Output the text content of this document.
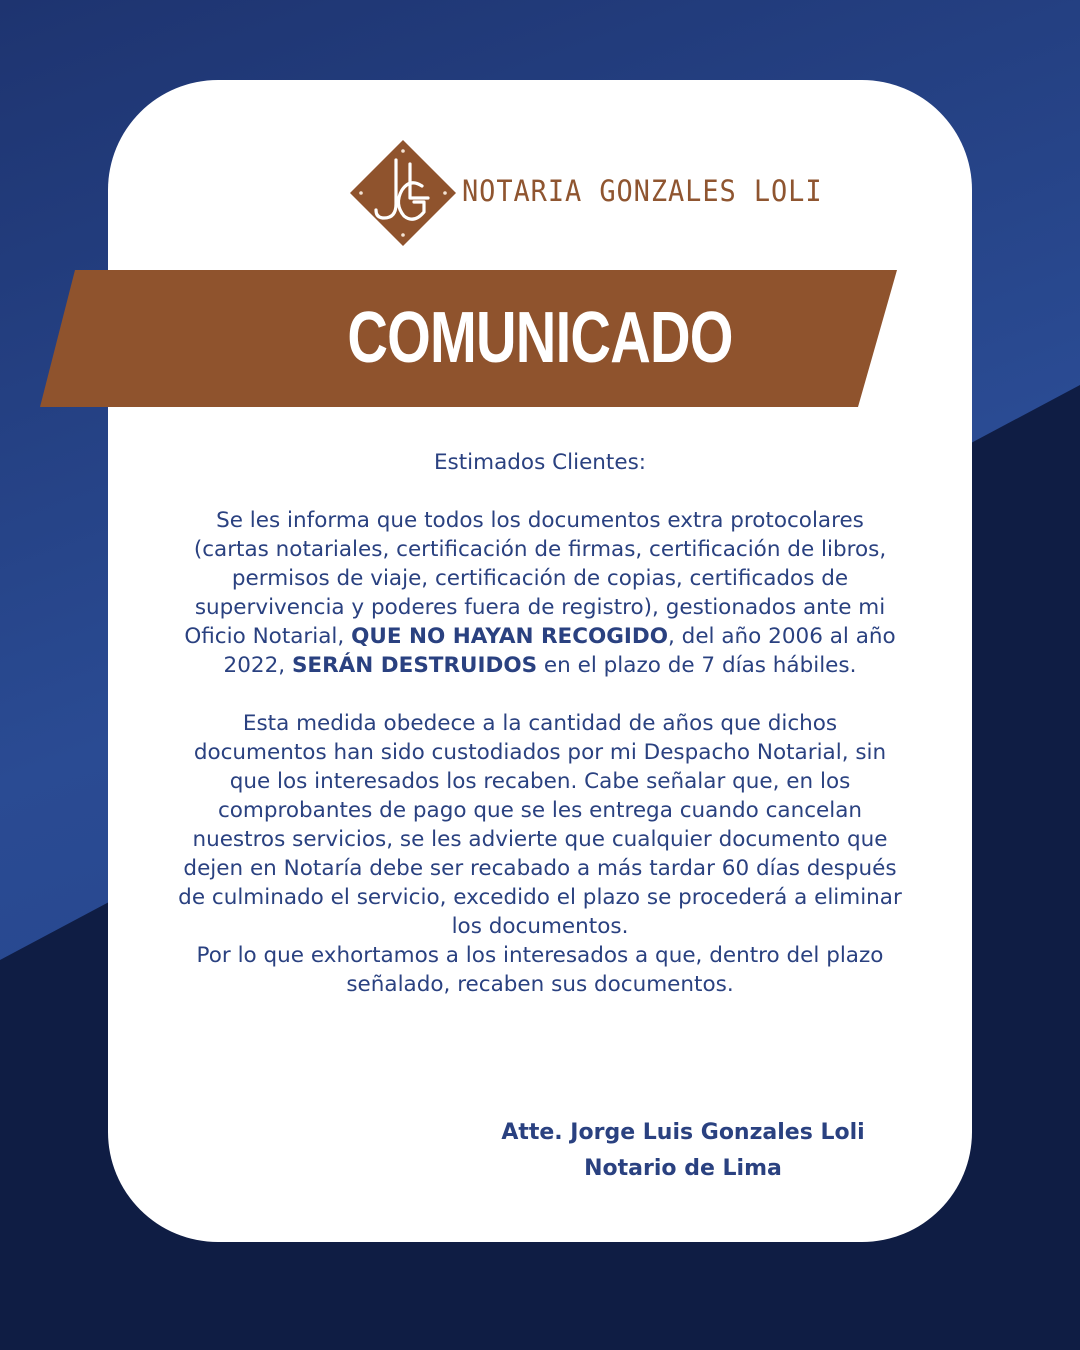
NOTARIA GONZALES LOLI
COMUNICADO

Estimados Clientes:

Se les informa que todos los documentos extra protocolares (cartas notariales, certificación de firmas, certificación de libros, permisos de viaje, certificación de copias, certificados de supervivencia y poderes fuera de registro), gestionados ante mi Oficio Notarial, QUE NO HAYAN RECOGIDO, del año 2006 al año 2022, SERÁN DESTRUIDOS en el plazo de 7 días hábiles.

Esta medida obedece a la cantidad de años que dichos documentos han sido custodiados por mi Despacho Notarial, sin que los interesados los recaben. Cabe señalar que, en los comprobantes de pago que se les entrega cuando cancelan nuestros servicios, se les advierte que cualquier documento que dejen en Notaría debe ser recabado a más tardar 60 días después de culminado el servicio, excedido el plazo se procederá a eliminar los documentos.

Por lo que exhortamos a los interesados a que, dentro del plazo señalado, recaben sus documentos.

Atte. Jorge Luis Gonzales Loli
Notario de Lima
